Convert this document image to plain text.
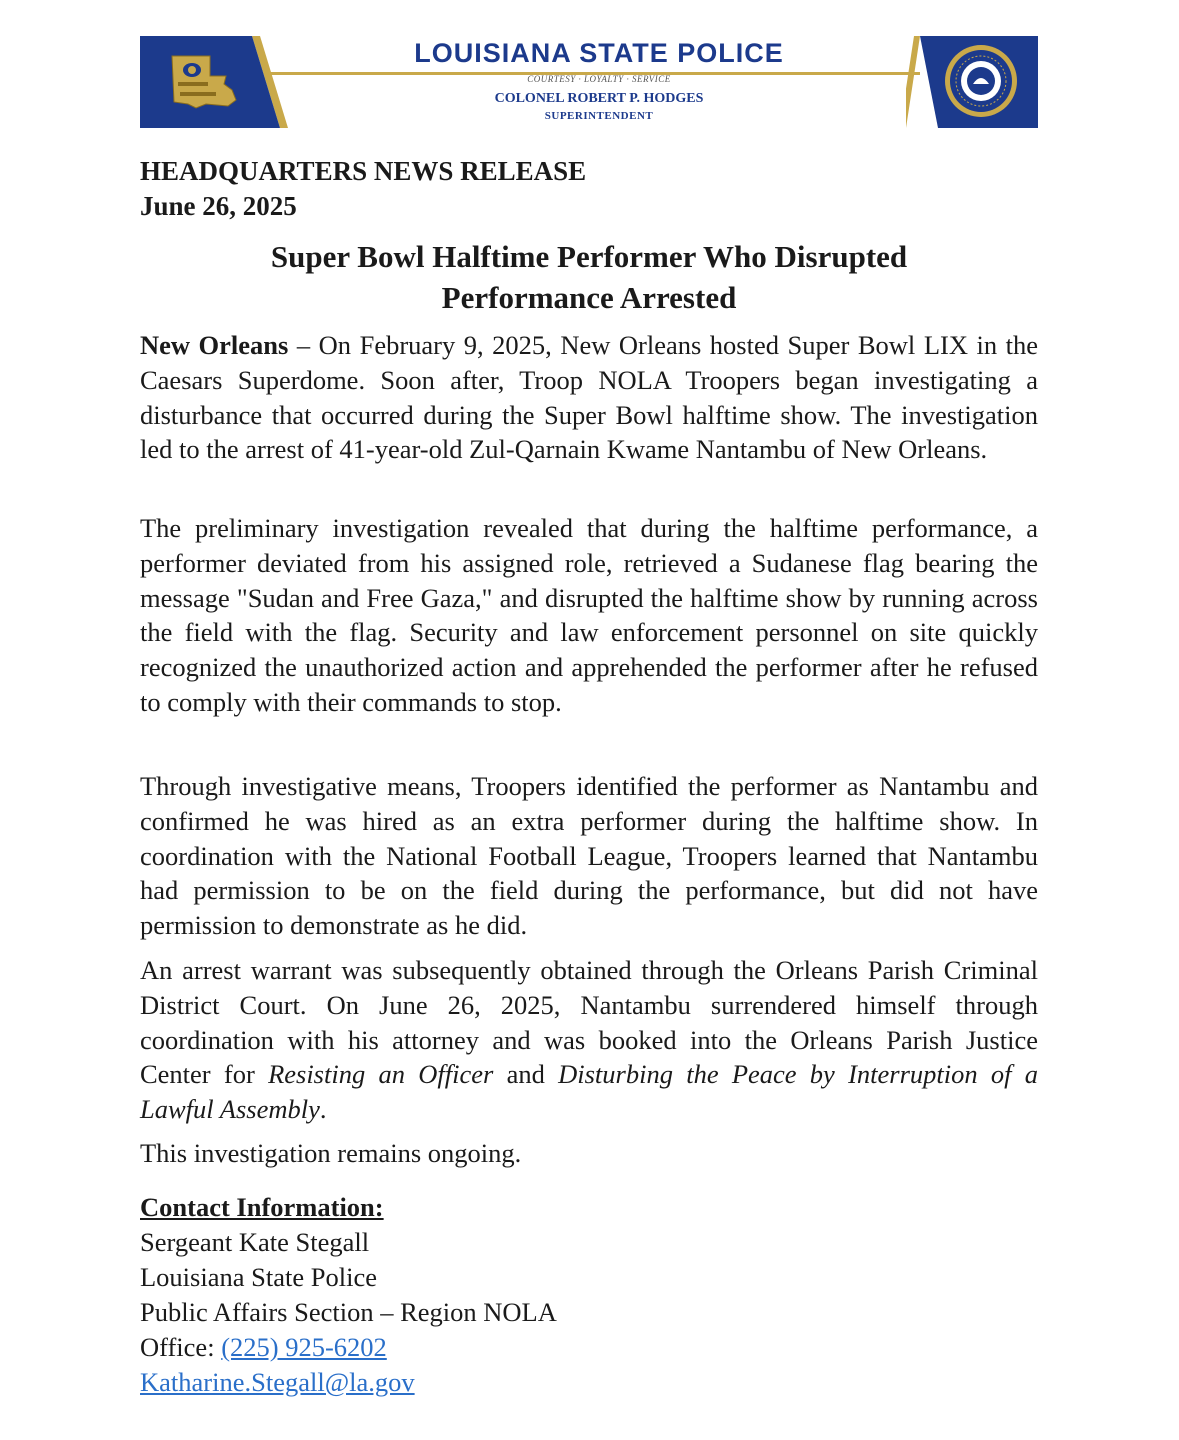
LOUISIANA STATE POLICE
COURTESY · LOYALTY · SERVICE
COLONEL ROBERT P. HODGES
SUPERINTENDENT
HEADQUARTERS NEWS RELEASE
June 26, 2025
Super Bowl Halftime Performer Who Disrupted
Performance Arrested

New Orleans – On February 9, 2025, New Orleans hosted Super Bowl LIX in the Caesars Superdome. Soon after, Troop NOLA Troopers began investigating a disturbance that occurred during the Super Bowl halftime show. The investigation led to the arrest of 41-year-old Zul-Qarnain Kwame Nantambu of New Orleans.

The preliminary investigation revealed that during the halftime performance, a performer deviated from his assigned role, retrieved a Sudanese flag bearing the message "Sudan and Free Gaza," and disrupted the halftime show by running across the field with the flag. Security and law enforcement personnel on site quickly recognized the unauthorized action and apprehended the performer after he refused to comply with their commands to stop.

Through investigative means, Troopers identified the performer as Nantambu and confirmed he was hired as an extra performer during the halftime show. In coordination with the National Football League, Troopers learned that Nantambu had permission to be on the field during the performance, but did not have permission to demonstrate as he did.

An arrest warrant was subsequently obtained through the Orleans Parish Criminal District Court. On June 26, 2025, Nantambu surrendered himself through coordination with his attorney and was booked into the Orleans Parish Justice Center for Resisting an Officer and Disturbing the Peace by Interruption of a Lawful Assembly.

This investigation remains ongoing.

Contact Information:
Sergeant Kate Stegall
Louisiana State Police
Public Affairs Section – Region NOLA
Office: (225) 925-6202
Katharine.Stegall@la.gov
